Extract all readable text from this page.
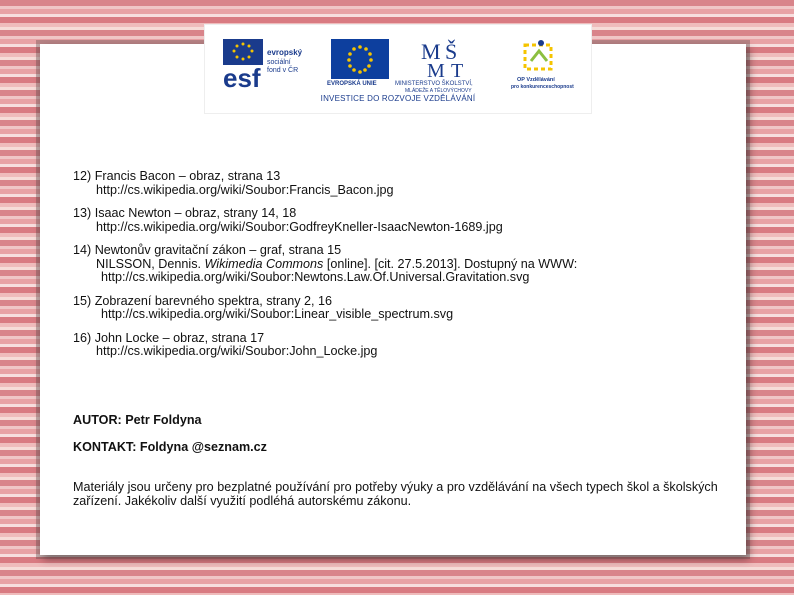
esf
evropský
sociální
fond v ČR
EVROPSKÁ UNIE
M Š
M T
MINISTERSTVO ŠKOLSTVÍ,
MLÁDEŽE A TĚLOVÝCHOVY
OP Vzdělávání
pro konkurenceschopnost
INVESTICE DO ROZVOJE VZDĚLÁVÁNÍ
12) Francis Bacon – obraz, strana 13
http://cs.wikipedia.org/wiki/Soubor:Francis_Bacon.jpg
13) Isaac Newton – obraz, strany 14, 18
http://cs.wikipedia.org/wiki/Soubor:GodfreyKneller-IsaacNewton-1689.jpg
14) Newtonův gravitační zákon – graf, strana 15
NILSSON, Dennis. Wikimedia Commons [online]. [cit. 27.5.2013]. Dostupný na WWW:
http://cs.wikipedia.org/wiki/Soubor:Newtons.Law.Of.Universal.Gravitation.svg
15) Zobrazení barevného spektra, strany 2, 16
http://cs.wikipedia.org/wiki/Soubor:Linear_visible_spectrum.svg
16) John Locke – obraz, strana 17
http://cs.wikipedia.org/wiki/Soubor:John_Locke.jpg
AUTOR: Petr Foldyna
KONTAKT: Foldyna @seznam.cz
Materiály jsou určeny pro bezplatné používání pro potřeby výuky a pro vzdělávání na všech typech škol a školských zařízení. Jakékoliv další využití podléhá autorskému zákonu.
